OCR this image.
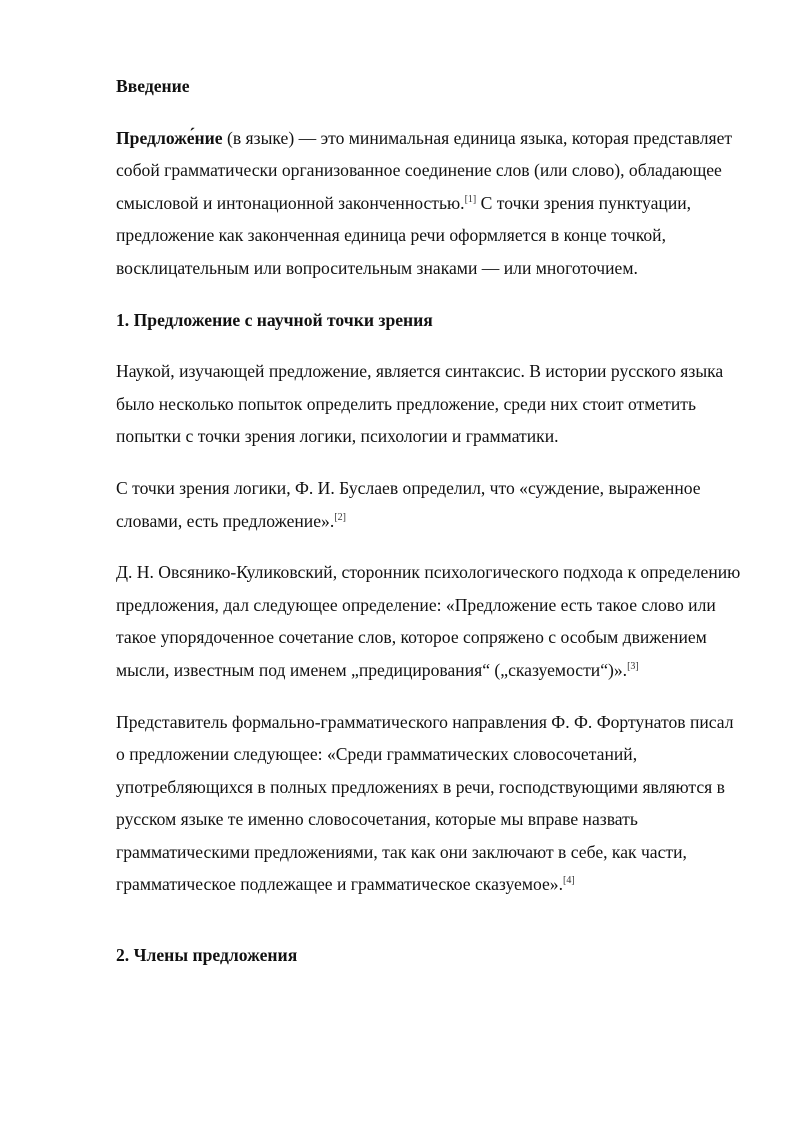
Введение

Предложе́ние (в языке) — это минимальная единица языка, которая представляет собой грамматически организованное соединение слов (или слово), обладающее смысловой и интонационной законченностью.[1] С точки зрения пунктуации, предложение как законченная единица речи оформляется в конце точкой, восклицательным или вопросительным знаками — или многоточием.

1. Предложение с научной точки зрения

Наукой, изучающей предложение, является синтаксис. В истории русского языка было несколько попыток определить предложение, среди них стоит отметить попытки с точки зрения логики, психологии и грамматики.

С точки зрения логики, Ф. И. Буслаев определил, что «суждение, выраженное словами, есть предложение».[2]

Д. Н. Овсянико-Куликовский, сторонник психологического подхода к определению предложения, дал следующее определение: «Предложение есть такое слово или такое упорядоченное сочетание слов, которое сопряжено с особым движением мысли, известным под именем „предицирования“ („сказуемости“)».[3]

Представитель формально-грамматического направления Ф. Ф. Фортунатов писал о предложении следующее: «Среди грамматических словосочетаний, употребляющихся в полных предложениях в речи, господствующими являются в русском языке те именно словосочетания, которые мы вправе назвать грамматическими предложениями, так как они заключают в себе, как части, грамматическое подлежащее и грамматическое сказуемое».[4]

2. Члены предложения
